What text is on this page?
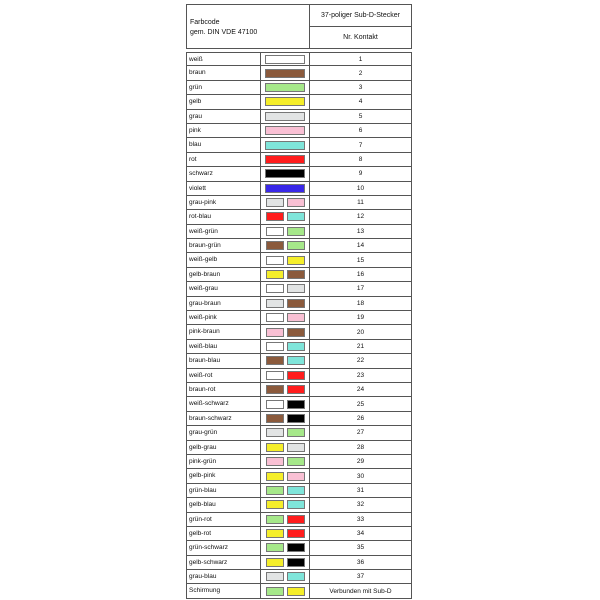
Farbcode
gem. DIN VDE 47100
37-poliger Sub-D-Stecker
Nr. Kontakt
weiß	1
braun	2
grün	3
gelb	4
grau	5
pink	6
blau	7
rot	8
schwarz	9
violett	10
grau-pink	11
rot-blau	12
weiß-grün	13
braun-grün	14
weiß-gelb	15
gelb-braun	16
weiß-grau	17
grau-braun	18
weiß-pink	19
pink-braun	20
weiß-blau	21
braun-blau	22
weiß-rot	23
braun-rot	24
weiß-schwarz	25
braun-schwarz	26
grau-grün	27
gelb-grau	28
pink-grün	29
gelb-pink	30
grün-blau	31
gelb-blau	32
grün-rot	33
gelb-rot	34
grün-schwarz	35
gelb-schwarz	36
grau-blau	37
Schirmung	Verbunden mit Sub-D
